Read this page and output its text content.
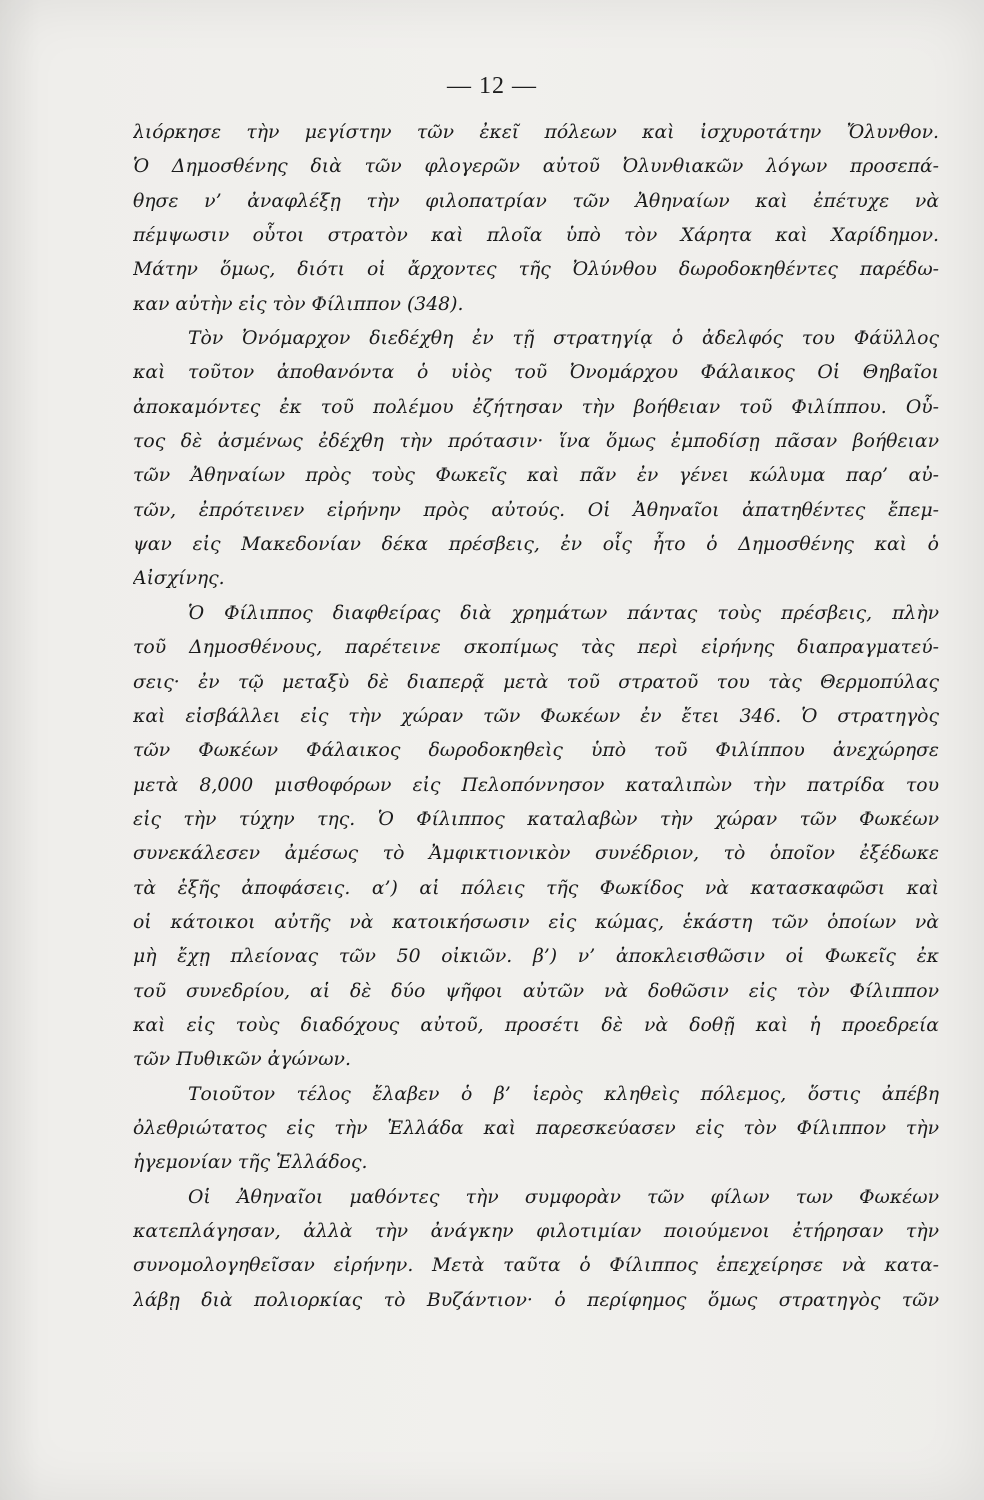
— 12 —
λιόρκησε τὴν μεγίστην τῶν ἐκεῖ πόλεων καὶ ἰσχυροτάτην Ὄλυνθον.
Ὁ Δημοσθένης διὰ τῶν φλογερῶν αὐτοῦ Ὀλυνθιακῶν λόγων προσεπά-
θησε ν’ ἀναφλέξῃ τὴν φιλοπατρίαν τῶν Ἀθηναίων καὶ ἐπέτυχε νὰ
πέμψωσιν οὗτοι στρατὸν καὶ πλοῖα ὑπὸ τὸν Χάρητα καὶ Χαρίδημον.
Μάτην ὅμως, διότι οἱ ἄρχοντες τῆς Ὀλύνθου δωροδοκηθέντες παρέδω-
καν αὐτὴν εἰς τὸν Φίλιππον (348).
Τὸν Ὀνόμαρχον διεδέχθη ἐν τῇ στρατηγίᾳ ὁ ἀδελφός του Φάϋλλος
καὶ τοῦτον ἀποθανόντα ὁ υἱὸς τοῦ Ὀνομάρχου Φάλαικος Οἱ Θηβαῖοι
ἀποκαμόντες ἐκ τοῦ πολέμου ἐζήτησαν τὴν βοήθειαν τοῦ Φιλίππου. Οὗ-
τος δὲ ἀσμένως ἐδέχθη τὴν πρότασιν· ἵνα ὅμως ἐμποδίσῃ πᾶσαν βοήθειαν
τῶν Ἀθηναίων πρὸς τοὺς Φωκεῖς καὶ πᾶν ἐν γένει κώλυμα παρ’ αὐ-
τῶν, ἐπρότεινεν εἰρήνην πρὸς αὐτούς. Οἱ Ἀθηναῖοι ἀπατηθέντες ἔπεμ-
ψαν εἰς Μακεδονίαν δέκα πρέσβεις, ἐν οἷς ἦτο ὁ Δημοσθένης καὶ ὁ
Αἰσχίνης.
Ὁ Φίλιππος διαφθείρας διὰ χρημάτων πάντας τοὺς πρέσβεις, πλὴν
τοῦ Δημοσθένους, παρέτεινε σκοπίμως τὰς περὶ εἰρήνης διαπραγματεύ-
σεις· ἐν τῷ μεταξὺ δὲ διαπερᾷ μετὰ τοῦ στρατοῦ του τὰς Θερμοπύλας
καὶ εἰσβάλλει εἰς τὴν χώραν τῶν Φωκέων ἐν ἔτει 346. Ὁ στρατηγὸς
τῶν Φωκέων Φάλαικος δωροδοκηθεὶς ὑπὸ τοῦ Φιλίππου ἀνεχώρησε
μετὰ 8,000 μισθοφόρων εἰς Πελοπόννησον καταλιπὼν τὴν πατρίδα του
εἰς τὴν τύχην της. Ὁ Φίλιππος καταλαβὼν τὴν χώραν τῶν Φωκέων
συνεκάλεσεν ἀμέσως τὸ Ἀμφικτιονικὸν συνέδριον, τὸ ὁποῖον ἐξέδωκε
τὰ ἑξῆς ἀποφάσεις. α’) αἱ πόλεις τῆς Φωκίδος νὰ κατασκαφῶσι καὶ
οἱ κάτοικοι αὐτῆς νὰ κατοικήσωσιν εἰς κώμας, ἑκάστη τῶν ὁποίων νὰ
μὴ ἔχῃ πλείονας τῶν 50 οἰκιῶν. β’) ν’ ἀποκλεισθῶσιν οἱ Φωκεῖς ἐκ
τοῦ συνεδρίου, αἱ δὲ δύο ψῆφοι αὐτῶν νὰ δοθῶσιν εἰς τὸν Φίλιππον
καὶ εἰς τοὺς διαδόχους αὐτοῦ, προσέτι δὲ νὰ δοθῇ καὶ ἡ προεδρεία
τῶν Πυθικῶν ἀγώνων.
Τοιοῦτον τέλος ἔλαβεν ὁ β’ ἱερὸς κληθεὶς πόλεμος, ὅστις ἀπέβη
ὀλεθριώτατος εἰς τὴν Ἑλλάδα καὶ παρεσκεύασεν εἰς τὸν Φίλιππον τὴν
ἡγεμονίαν τῆς Ἑλλάδος.
Οἱ Ἀθηναῖοι μαθόντες τὴν συμφορὰν τῶν φίλων των Φωκέων
κατεπλάγησαν, ἀλλὰ τὴν ἀνάγκην φιλοτιμίαν ποιούμενοι ἐτήρησαν τὴν
συνομολογηθεῖσαν εἰρήνην. Μετὰ ταῦτα ὁ Φίλιππος ἐπεχείρησε νὰ κατα-
λάβῃ διὰ πολιορκίας τὸ Βυζάντιον· ὁ περίφημος ὅμως στρατηγὸς τῶν
